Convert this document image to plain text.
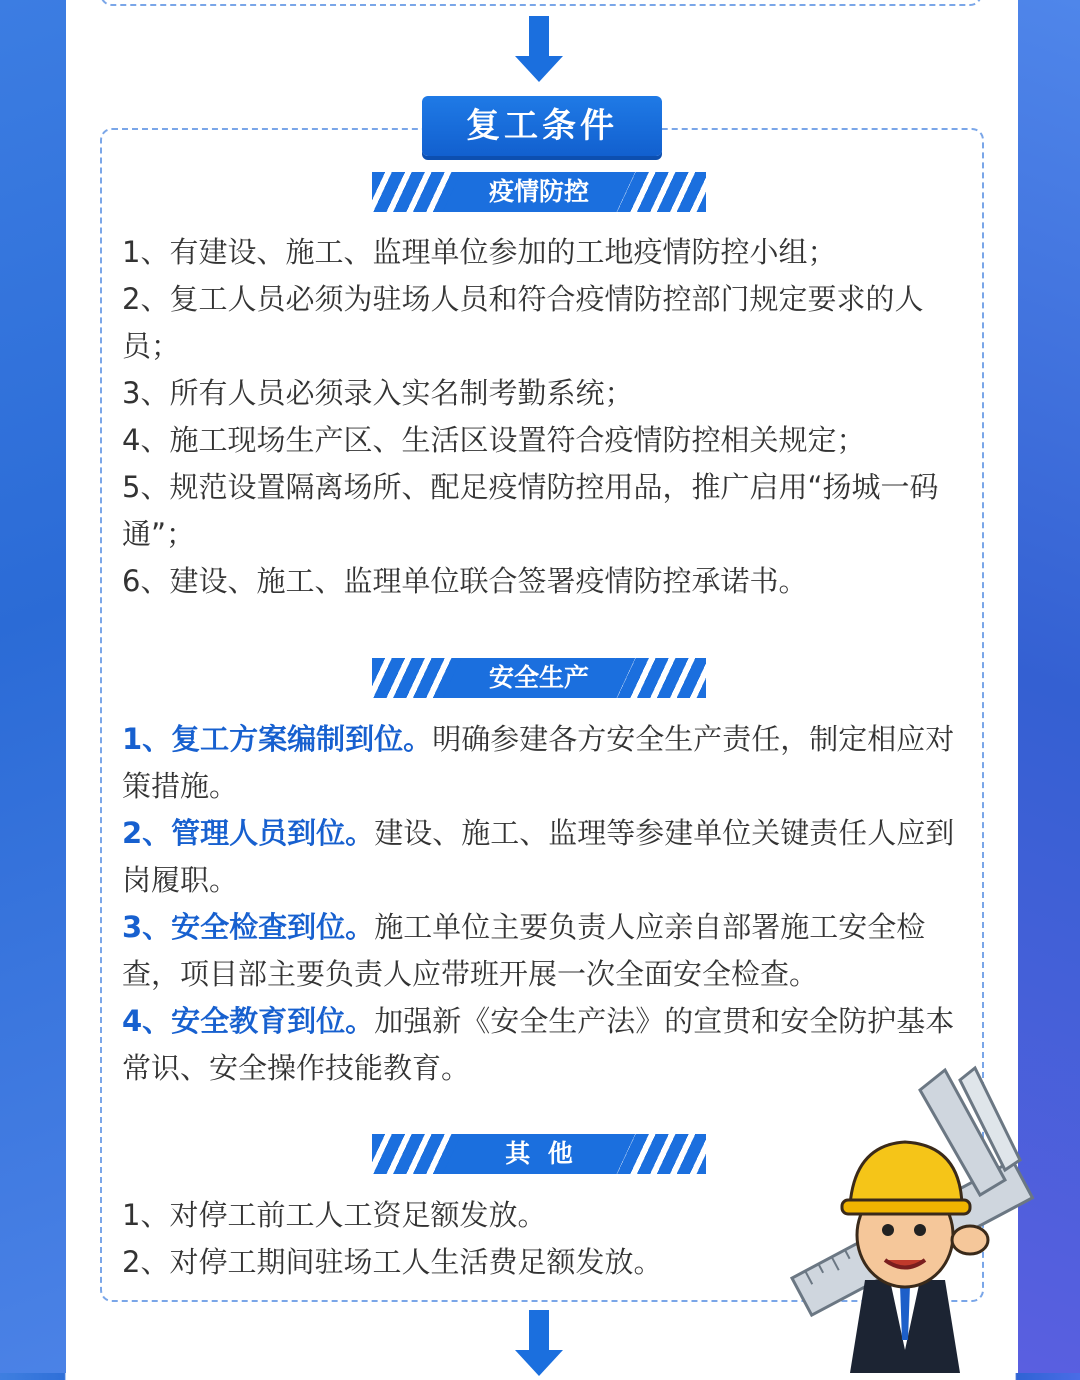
复工条件
疫情防控

1、有建设、施工、监理单位参加的工地疫情防控小组；

2、复工人员必须为驻场人员和符合疫情防控部门规定要求的人员；

3、所有人员必须录入实名制考勤系统；

4、施工现场生产区、生活区设置符合疫情防控相关规定；

5、规范设置隔离场所、配足疫情防控用品，推广启用“扬城一码通”；

6、建设、施工、监理单位联合签署疫情防控承诺书。

安全生产

1、复工方案编制到位。明确参建各方安全生产责任，制定相应对策措施。

2、管理人员到位。建设、施工、监理等参建单位关键责任人应到岗履职。

3、安全检查到位。施工单位主要负责人应亲自部署施工安全检查，项目部主要负责人应带班开展一次全面安全检查。

4、安全教育到位。加强新《安全生产法》的宣贯和安全防护基本常识、安全操作技能教育。

其  他

1、对停工前工人工资足额发放。

2、对停工期间驻场工人生活费足额发放。
